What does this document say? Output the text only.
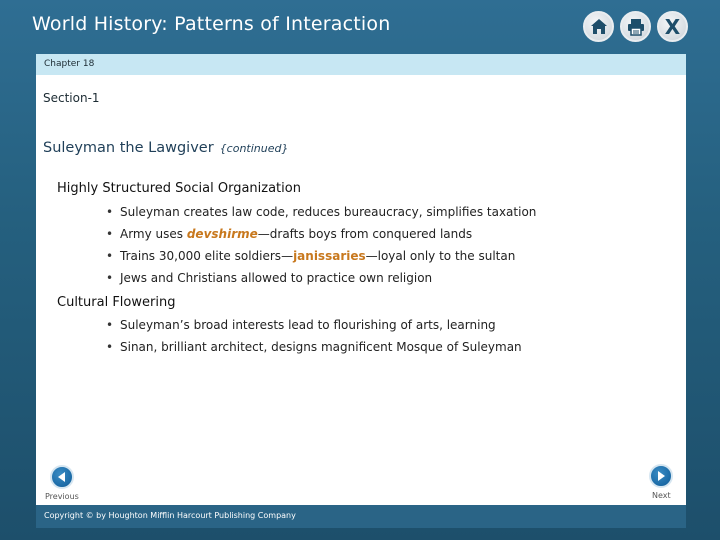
World History: Patterns of Interaction	X
Chapter 18
Section-1
Suleyman the Lawgiver {continued}
Highly Structured Social Organization
• Suleyman creates law code, reduces bureaucracy, simplifies taxation
• Army uses devshirme—drafts boys from conquered lands
• Trains 30,000 elite soldiers—janissaries—loyal only to the sultan
• Jews and Christians allowed to practice own religion
Cultural Flowering
• Suleyman’s broad interests lead to flourishing of arts, learning
• Sinan, brilliant architect, designs magnificent Mosque of Suleyman
Previous	Next
Copyright © by Houghton Mifflin Harcourt Publishing Company
